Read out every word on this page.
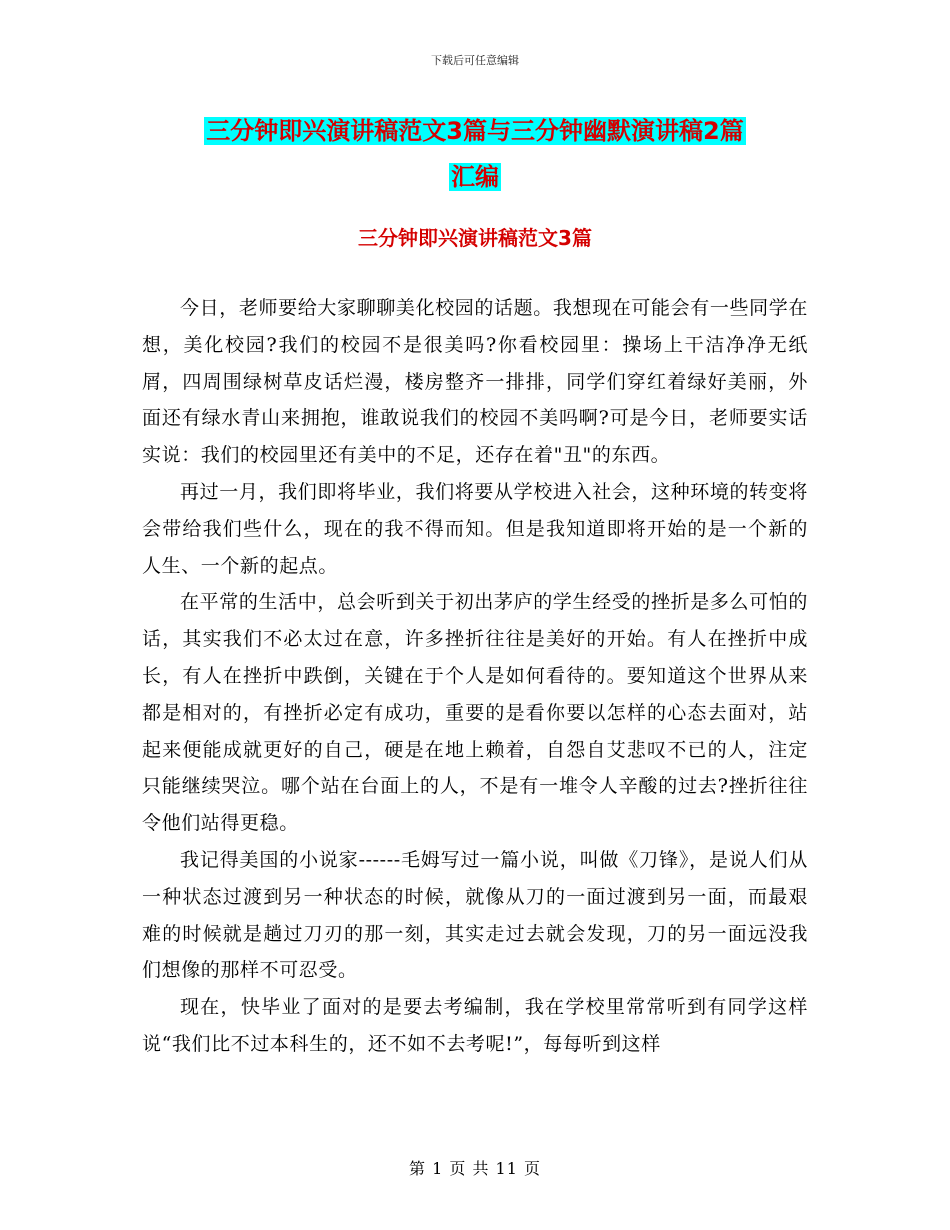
下载后可任意编辑
三分钟即兴演讲稿范文3篇与三分钟幽默演讲稿2篇
汇编
三分钟即兴演讲稿范文3篇

今日，老师要给大家聊聊美化校园的话题。我想现在可能会有一些同学在想，美化校园?我们的校园不是很美吗?你看校园里：操场上干洁净净无纸屑，四周围绿树草皮话烂漫，楼房整齐一排排，同学们穿红着绿好美丽，外面还有绿水青山来拥抱，谁敢说我们的校园不美吗啊?可是今日，老师要实话实说：我们的校园里还有美中的不足，还存在着"丑"的东西。

再过一月，我们即将毕业，我们将要从学校进入社会，这种环境的转变将会带给我们些什么，现在的我不得而知。但是我知道即将开始的是一个新的人生、一个新的起点。

在平常的生活中，总会听到关于初出茅庐的学生经受的挫折是多么可怕的话，其实我们不必太过在意，许多挫折往往是美好的开始。有人在挫折中成长，有人在挫折中跌倒，关键在于个人是如何看待的。要知道这个世界从来都是相对的，有挫折必定有成功，重要的是看你要以怎样的心态去面对，站起来便能成就更好的自己，硬是在地上赖着，自怨自艾悲叹不已的人，注定只能继续哭泣。哪个站在台面上的人，不是有一堆令人辛酸的过去?挫折往往令他们站得更稳。

我记得美国的小说家------毛姆写过一篇小说，叫做《刀锋》，是说人们从一种状态过渡到另一种状态的时候，就像从刀的一面过渡到另一面，而最艰难的时候就是趟过刀刃的那一刻，其实走过去就会发现，刀的另一面远没我们想像的那样不可忍受。

现在，快毕业了面对的是要去考编制，我在学校里常常听到有同学这样说“我们比不过本科生的，还不如不去考呢!”，每每听到这样

第 1 页 共 11 页
